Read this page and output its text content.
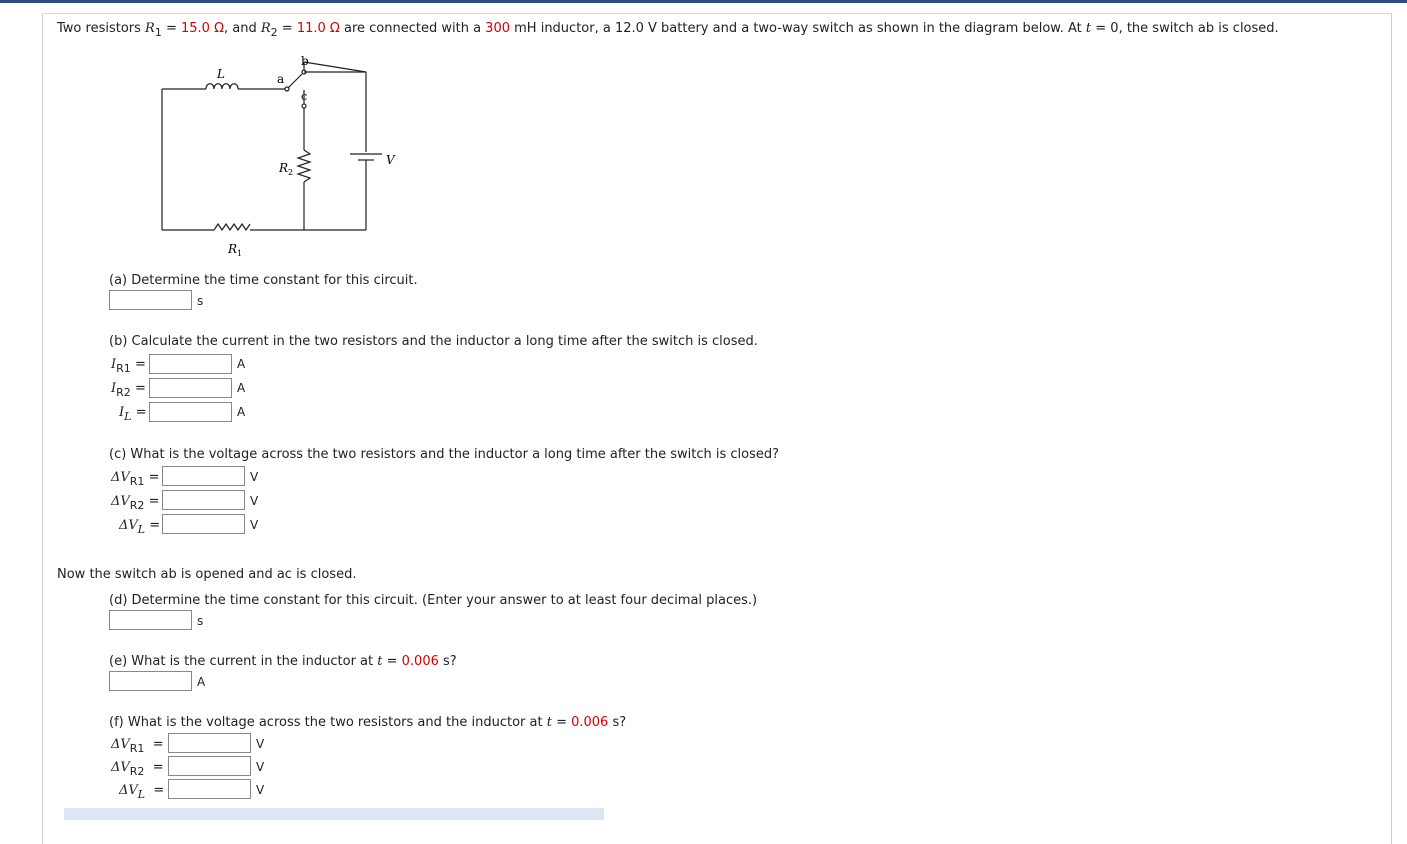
Two resistors $R_1 = 15.0$ Ω, and $R_2 = 11.0$ Ω are connected with a 300 mH inductor, a 12.0 V battery and a two-way switch as shown in the diagram below. At t = 0, the switch ab is closed.
L	a
b
c
$R_2$
V
$R_1$
(a) Determine the time constant for this circuit.
s
(b) Calculate the current in the two resistors and the inductor a long time after the switch is closed.
$I_{R1}$ =	A
$I_{R2}$ =	A
$I_L$ =	A
(c) What is the voltage across the two resistors and the inductor a long time after the switch is closed?
$\Delta V_{R1}$ =	V
$\Delta V_{R2}$ =	V
$\Delta V_L$ =	V
Now the switch ab is opened and ac is closed.
(d) Determine the time constant for this circuit. (Enter your answer to at least four decimal places.)
s
(e) What is the current in the inductor at t = 0.006 s?
A
(f) What is the voltage across the two resistors and the inductor at t = 0.006 s?
$\Delta V_{R1}$ =	V
$\Delta V_{R2}$ =	V
$\Delta V_L$ =	V
